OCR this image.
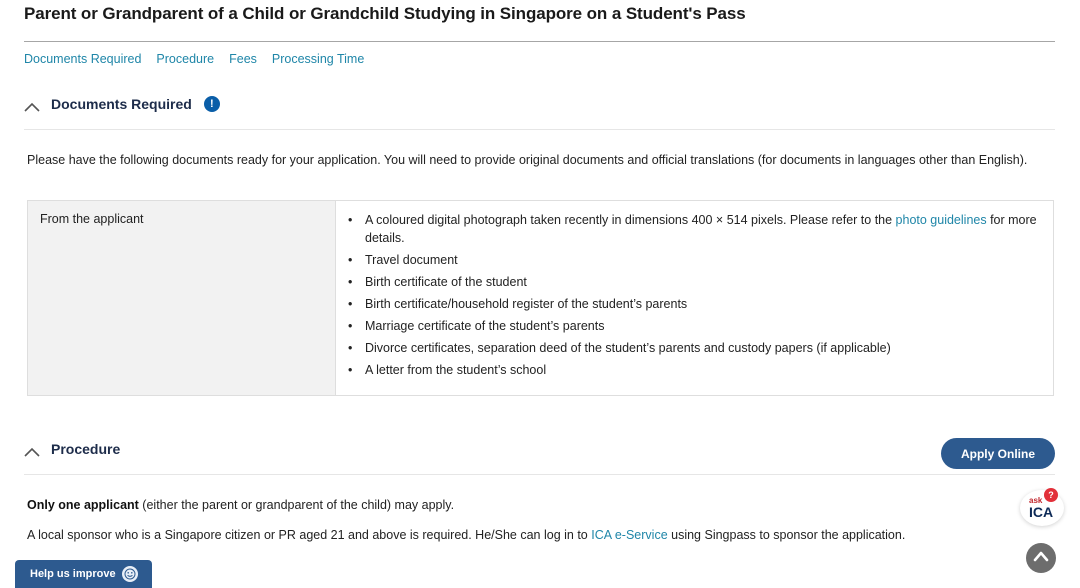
Parent or Grandparent of a Child or Grandchild Studying in Singapore on a Student's Pass
Documents Required Procedure Fees Processing Time
Documents Required	!

Please have the following documents ready for your application. You will need to provide original documents and official translations (for documents in languages other than English).

From the applicant	• A coloured digital photograph taken recently in dimensions 400 × 514 pixels. Please refer to the photo guidelines for more details.
• Travel document
• Birth certificate of the student
• Birth certificate/household register of the student’s parents
• Marriage certificate of the student’s parents
• Divorce certificates, separation deed of the student’s parents and custody papers (if applicable)
• A letter from the student’s school
Procedure	Apply Online

Only one applicant (either the parent or grandparent of the child) may apply.

A local sponsor who is a Singapore citizen or PR aged 21 and above is required. He/She can log in to ICA e-Service using Singpass to sponsor the application.

ask
ICA
?
Help us improve
